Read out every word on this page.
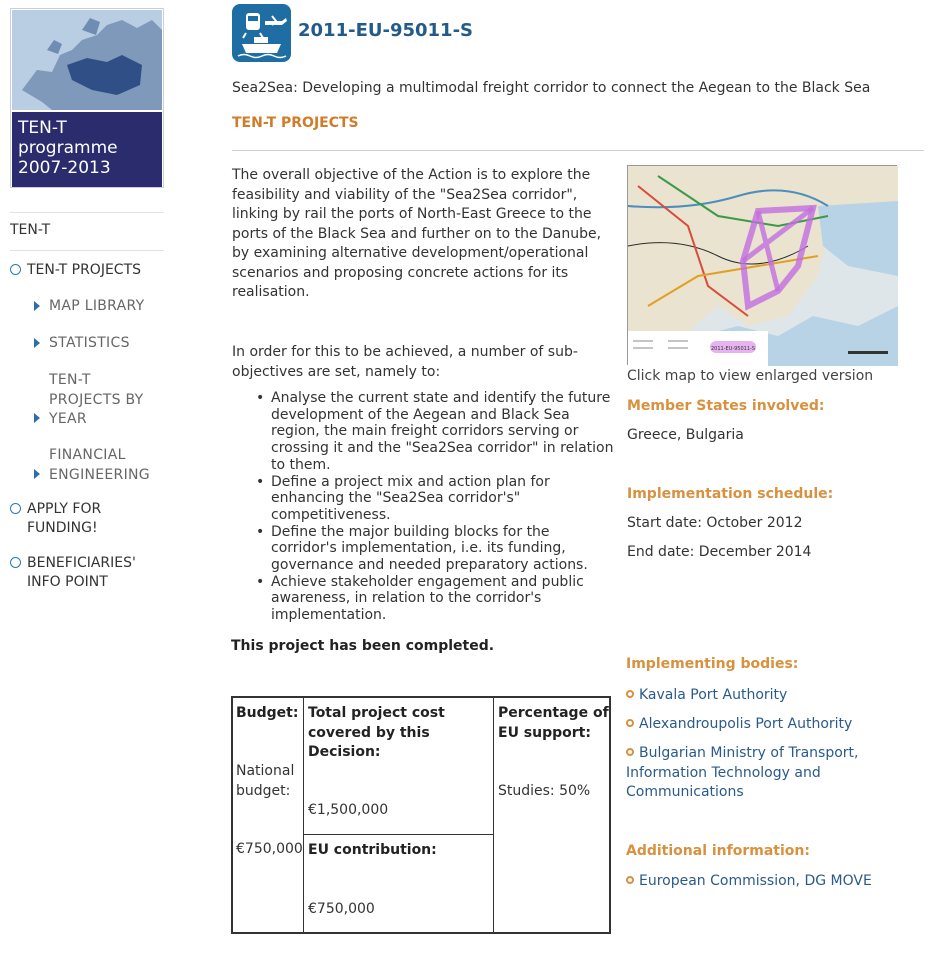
TEN-T
programme
2007-2013
TEN-T
TEN-T PROJECTS
MAP LIBRARY
STATISTICS
TEN-T
PROJECTS BY
YEAR
FINANCIAL
ENGINEERING
APPLY FOR FUNDING!
BENEFICIARIES' INFO POINT
2011-EU-95011-S
Sea2Sea: Developing a multimodal freight corridor to connect the Aegean to the Black Sea
TEN-T PROJECTS
The overall objective of the Action is to explore the feasibility and viability of the "Sea2Sea corridor", linking by rail the ports of North-East Greece to the ports of the Black Sea and further on to the Danube, by examining alternative development/operational scenarios and proposing concrete actions for its realisation.
In order for this to be achieved, a number of sub-objectives are set, namely to:
• Analyse the current state and identify the future development of the Aegean and Black Sea region, the main freight corridors serving or crossing it and the "Sea2Sea corridor" in relation to them.
• Define a project mix and action plan for enhancing the "Sea2Sea corridor's" competitiveness.
• Define the major building blocks for the corridor's implementation, i.e. its funding, governance and needed preparatory actions.
• Achieve stakeholder engagement and public awareness, in relation to the corridor's implementation.
This project has been completed.
Budget:
National
budget:
€750,000
Total project cost
covered by this
Decision:
€1,500,000
EU contribution:
€750,000
Percentage of
EU support:
Studies: 50%
2011-EU-95011-S
Click map to view enlarged version
Member States involved:
Greece, Bulgaria
Implementation schedule:
Start date: October 2012
End date: December 2014
Implementing bodies:
Kavala Port Authority
Alexandroupolis Port Authority
Bulgarian Ministry of Transport, Information Technology and Communications
Additional information:
European Commission, DG MOVE
